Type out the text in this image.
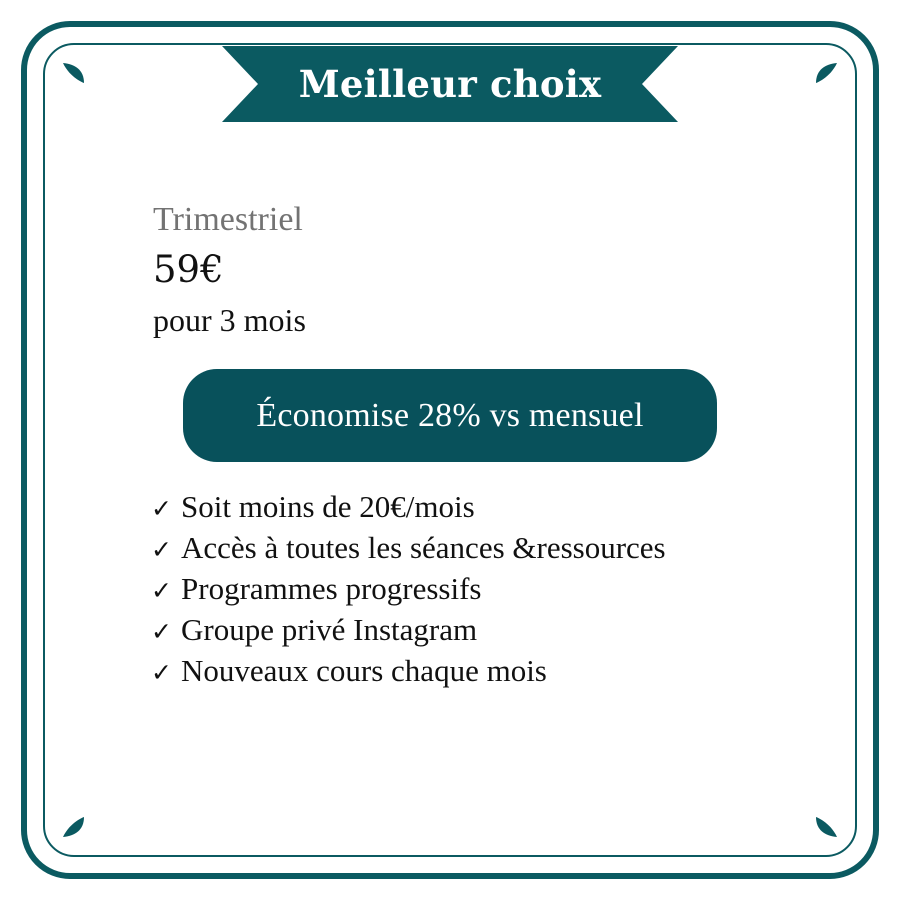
Meilleur choix
Trimestriel
59€
pour 3 mois
Économise 28% vs mensuel
✓ Soit moins de 20€/mois
✓ Accès à toutes les séances &ressources
✓ Programmes progressifs
✓ Groupe privé Instagram
✓ Nouveaux cours chaque mois
